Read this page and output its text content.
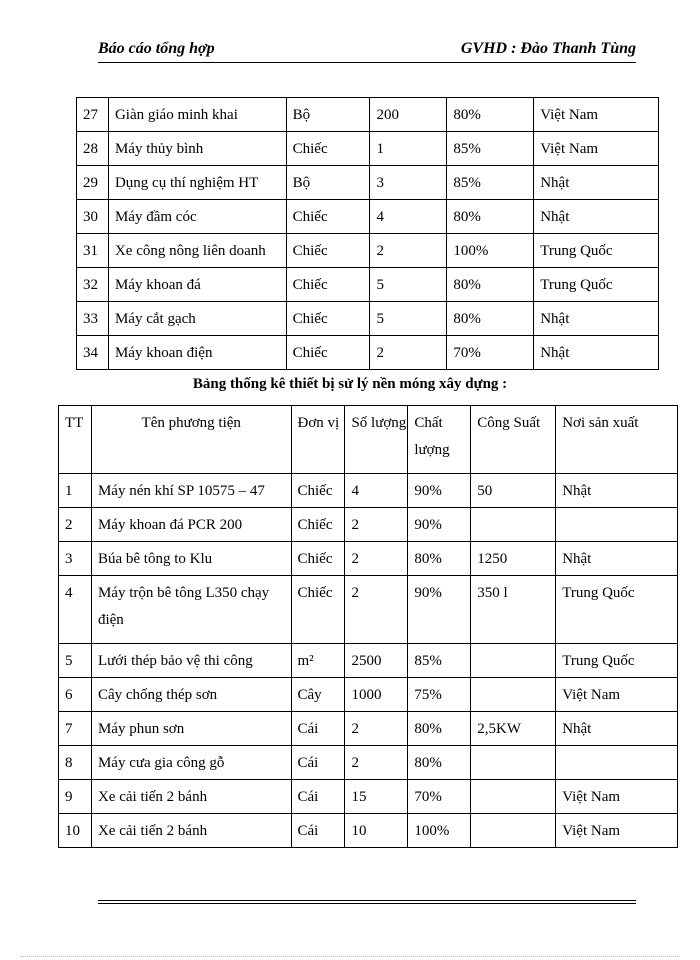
Báo cáo tổng hợp	GVHD : Đào Thanh Tùng
27	Giàn giáo minh khai	Bộ	200	80%	Việt Nam
28	Máy thủy bình	Chiếc	1	85%	Việt Nam
29	Dụng cụ thí nghiệm HT	Bộ	3	85%	Nhật
30	Máy đầm cóc	Chiếc	4	80%	Nhật
31	Xe công nông liên doanh	Chiếc	2	100%	Trung Quốc
32	Máy khoan đá	Chiếc	5	80%	Trung Quốc
33	Máy cắt gạch	Chiếc	5	80%	Nhật
34	Máy khoan điện	Chiếc	2	70%	Nhật
Bảng thống kê thiết bị sử lý nền móng xây dựng :
TT	Tên phương tiện	Đơn vị	Số lượng	Chất lượng	Công Suất	Nơi sản xuất
1	Máy nén khí SP 10575 – 47	Chiếc	4	90%	50	Nhật
2	Máy khoan đá PCR 200	Chiếc	2	90%		
3	Búa bê tông to Klu	Chiếc	2	80%	1250	Nhật
4	Máy trộn bê tông L350 chạy điện	Chiếc	2	90%	350 l	Trung Quốc
5	Lưới thép bảo vệ thi công	m²	2500	85%		Trung Quốc
6	Cây chống thép sơn	Cây	1000	75%		Việt Nam
7	Máy phun sơn	Cái	2	80%	2,5KW	Nhật
8	Máy cưa gia công gỗ	Cái	2	80%		
9	Xe cải tiến 2 bánh	Cái	15	70%		Việt Nam
10	Xe cải tiến 2 bánh	Cái	10	100%		Việt Nam
